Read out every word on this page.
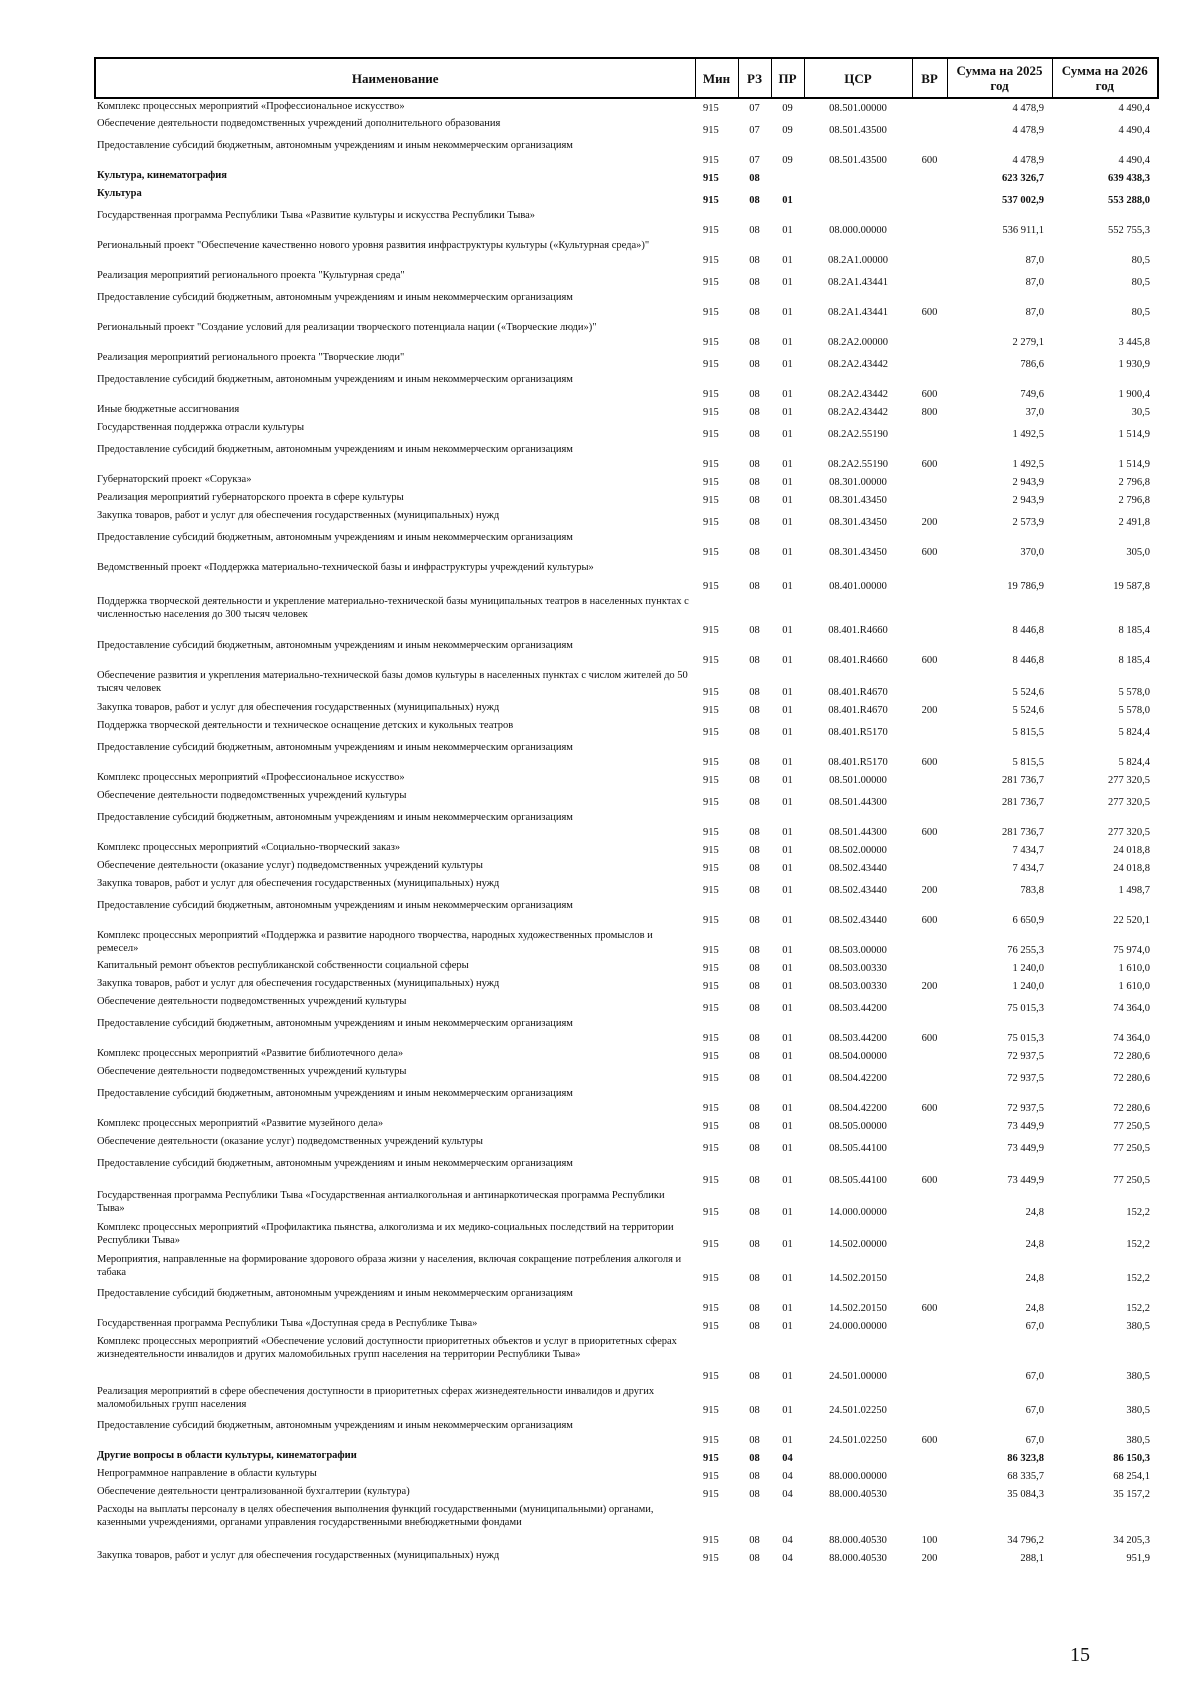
Наименование	Мин	РЗ	ПР	ЦСР	ВР	Сумма на 2025 год	Сумма на 2026 год
Комплекс процессных мероприятий «Профессиональное искусство»	915	07	09	08.501.00000		4 478,9	4 490,4
Обеспечение деятельности подведомственных учреждений дополнительного образования	915	07	09	08.501.43500		4 478,9	4 490,4
Предоставление субсидий бюджетным, автономным учреждениям и иным некоммерческим организациям	915	07	09	08.501.43500	600	4 478,9	4 490,4
Культура, кинематография	915	08				623 326,7	639 438,3
Культура	915	08	01			537 002,9	553 288,0
Государственная программа Республики Тыва «Развитие культуры и искусства Республики Тыва»	915	08	01	08.000.00000		536 911,1	552 755,3
Региональный проект "Обеспечение качественно нового уровня развития инфраструктуры культуры («Культурная среда»)"	915	08	01	08.2А1.00000		87,0	80,5
Реализация мероприятий регионального проекта "Культурная среда"	915	08	01	08.2А1.43441		87,0	80,5
Предоставление субсидий бюджетным, автономным учреждениям и иным некоммерческим организациям	915	08	01	08.2А1.43441	600	87,0	80,5
Региональный проект "Создание условий для реализации творческого потенциала нации («Творческие люди»)"	915	08	01	08.2А2.00000		2 279,1	3 445,8
Реализация мероприятий регионального проекта "Творческие люди"	915	08	01	08.2А2.43442		786,6	1 930,9
Предоставление субсидий бюджетным, автономным учреждениям и иным некоммерческим организациям	915	08	01	08.2А2.43442	600	749,6	1 900,4
Иные бюджетные ассигнования	915	08	01	08.2А2.43442	800	37,0	30,5
Государственная поддержка отрасли культуры	915	08	01	08.2А2.55190		1 492,5	1 514,9
Предоставление субсидий бюджетным, автономным учреждениям и иным некоммерческим организациям	915	08	01	08.2А2.55190	600	1 492,5	1 514,9
Губернаторский проект «Сорукза»	915	08	01	08.301.00000		2 943,9	2 796,8
Реализация мероприятий губернаторского проекта в сфере культуры	915	08	01	08.301.43450		2 943,9	2 796,8
Закупка товаров, работ и услуг для обеспечения государственных (муниципальных) нужд	915	08	01	08.301.43450	200	2 573,9	2 491,8
Предоставление субсидий бюджетным, автономным учреждениям и иным некоммерческим организациям	915	08	01	08.301.43450	600	370,0	305,0
Ведомственный проект «Поддержка материально-технической базы и инфраструктуры учреждений культуры»	915	08	01	08.401.00000		19 786,9	19 587,8
Поддержка творческой деятельности и укрепление материально-технической базы муниципальных театров в населенных пунктах с численностью населения до 300 тысяч человек	915	08	01	08.401.R4660		8 446,8	8 185,4
Предоставление субсидий бюджетным, автономным учреждениям и иным некоммерческим организациям	915	08	01	08.401.R4660	600	8 446,8	8 185,4
Обеспечение развития и укрепления материально-технической базы домов культуры в населенных пунктах с числом жителей до 50 тысяч человек	915	08	01	08.401.R4670		5 524,6	5 578,0
Закупка товаров, работ и услуг для обеспечения государственных (муниципальных) нужд	915	08	01	08.401.R4670	200	5 524,6	5 578,0
Поддержка творческой деятельности и техническое оснащение детских и кукольных театров	915	08	01	08.401.R5170		5 815,5	5 824,4
Предоставление субсидий бюджетным, автономным учреждениям и иным некоммерческим организациям	915	08	01	08.401.R5170	600	5 815,5	5 824,4
Комплекс процессных мероприятий «Профессиональное искусство»	915	08	01	08.501.00000		281 736,7	277 320,5
Обеспечение деятельности подведомственных учреждений культуры	915	08	01	08.501.44300		281 736,7	277 320,5
Предоставление субсидий бюджетным, автономным учреждениям и иным некоммерческим организациям	915	08	01	08.501.44300	600	281 736,7	277 320,5
Комплекс процессных мероприятий «Социально-творческий заказ»	915	08	01	08.502.00000		7 434,7	24 018,8
Обеспечение деятельности (оказание услуг) подведомственных учреждений культуры	915	08	01	08.502.43440		7 434,7	24 018,8
Закупка товаров, работ и услуг для обеспечения государственных (муниципальных) нужд	915	08	01	08.502.43440	200	783,8	1 498,7
Предоставление субсидий бюджетным, автономным учреждениям и иным некоммерческим организациям	915	08	01	08.502.43440	600	6 650,9	22 520,1
Комплекс процессных мероприятий «Поддержка и развитие народного творчества, народных художественных промыслов и ремесел»	915	08	01	08.503.00000		76 255,3	75 974,0
Капитальный ремонт объектов республиканской собственности социальной сферы	915	08	01	08.503.00330		1 240,0	1 610,0
Закупка товаров, работ и услуг для обеспечения государственных (муниципальных) нужд	915	08	01	08.503.00330	200	1 240,0	1 610,0
Обеспечение деятельности подведомственных учреждений культуры	915	08	01	08.503.44200		75 015,3	74 364,0
Предоставление субсидий бюджетным, автономным учреждениям и иным некоммерческим организациям	915	08	01	08.503.44200	600	75 015,3	74 364,0
Комплекс процессных мероприятий «Развитие библиотечного дела»	915	08	01	08.504.00000		72 937,5	72 280,6
Обеспечение деятельности подведомственных учреждений культуры	915	08	01	08.504.42200		72 937,5	72 280,6
Предоставление субсидий бюджетным, автономным учреждениям и иным некоммерческим организациям	915	08	01	08.504.42200	600	72 937,5	72 280,6
Комплекс процессных мероприятий «Развитие музейного дела»	915	08	01	08.505.00000		73 449,9	77 250,5
Обеспечение деятельности (оказание услуг) подведомственных учреждений культуры	915	08	01	08.505.44100		73 449,9	77 250,5
Предоставление субсидий бюджетным, автономным учреждениям и иным некоммерческим организациям	915	08	01	08.505.44100	600	73 449,9	77 250,5
Государственная программа Республики Тыва «Государственная антиалкогольная и антинаркотическая программа Республики Тыва»	915	08	01	14.000.00000		24,8	152,2
Комплекс процессных мероприятий «Профилактика пьянства, алкоголизма и их медико-социальных последствий на территории Республики Тыва»	915	08	01	14.502.00000		24,8	152,2
Мероприятия, направленные на формирование здорового образа жизни у населения, включая сокращение потребления алкоголя и табака	915	08	01	14.502.20150		24,8	152,2
Предоставление субсидий бюджетным, автономным учреждениям и иным некоммерческим организациям	915	08	01	14.502.20150	600	24,8	152,2
Государственная программа Республики Тыва «Доступная среда в Республике Тыва»	915	08	01	24.000.00000		67,0	380,5
Комплекс процессных мероприятий «Обеспечение условий доступности приоритетных объектов и услуг в приоритетных сферах жизнедеятельности инвалидов и других маломобильных групп населения на территории Республики Тыва»	915	08	01	24.501.00000		67,0	380,5
Реализация мероприятий в сфере обеспечения доступности в приоритетных сферах жизнедеятельности инвалидов и других маломобильных групп населения	915	08	01	24.501.02250		67,0	380,5
Предоставление субсидий бюджетным, автономным учреждениям и иным некоммерческим организациям	915	08	01	24.501.02250	600	67,0	380,5
Другие вопросы в области культуры, кинематографии	915	08	04			86 323,8	86 150,3
Непрограммное направление в области культуры	915	08	04	88.000.00000		68 335,7	68 254,1
Обеспечение деятельности централизованной бухгалтерии (культура)	915	08	04	88.000.40530		35 084,3	35 157,2
Расходы на выплаты персоналу в целях обеспечения выполнения функций государственными (муниципальными) органами, казенными учреждениями, органами управления государственными внебюджетными фондами	915	08	04	88.000.40530	100	34 796,2	34 205,3
Закупка товаров, работ и услуг для обеспечения государственных (муниципальных) нужд	915	08	04	88.000.40530	200	288,1	951,9
15
